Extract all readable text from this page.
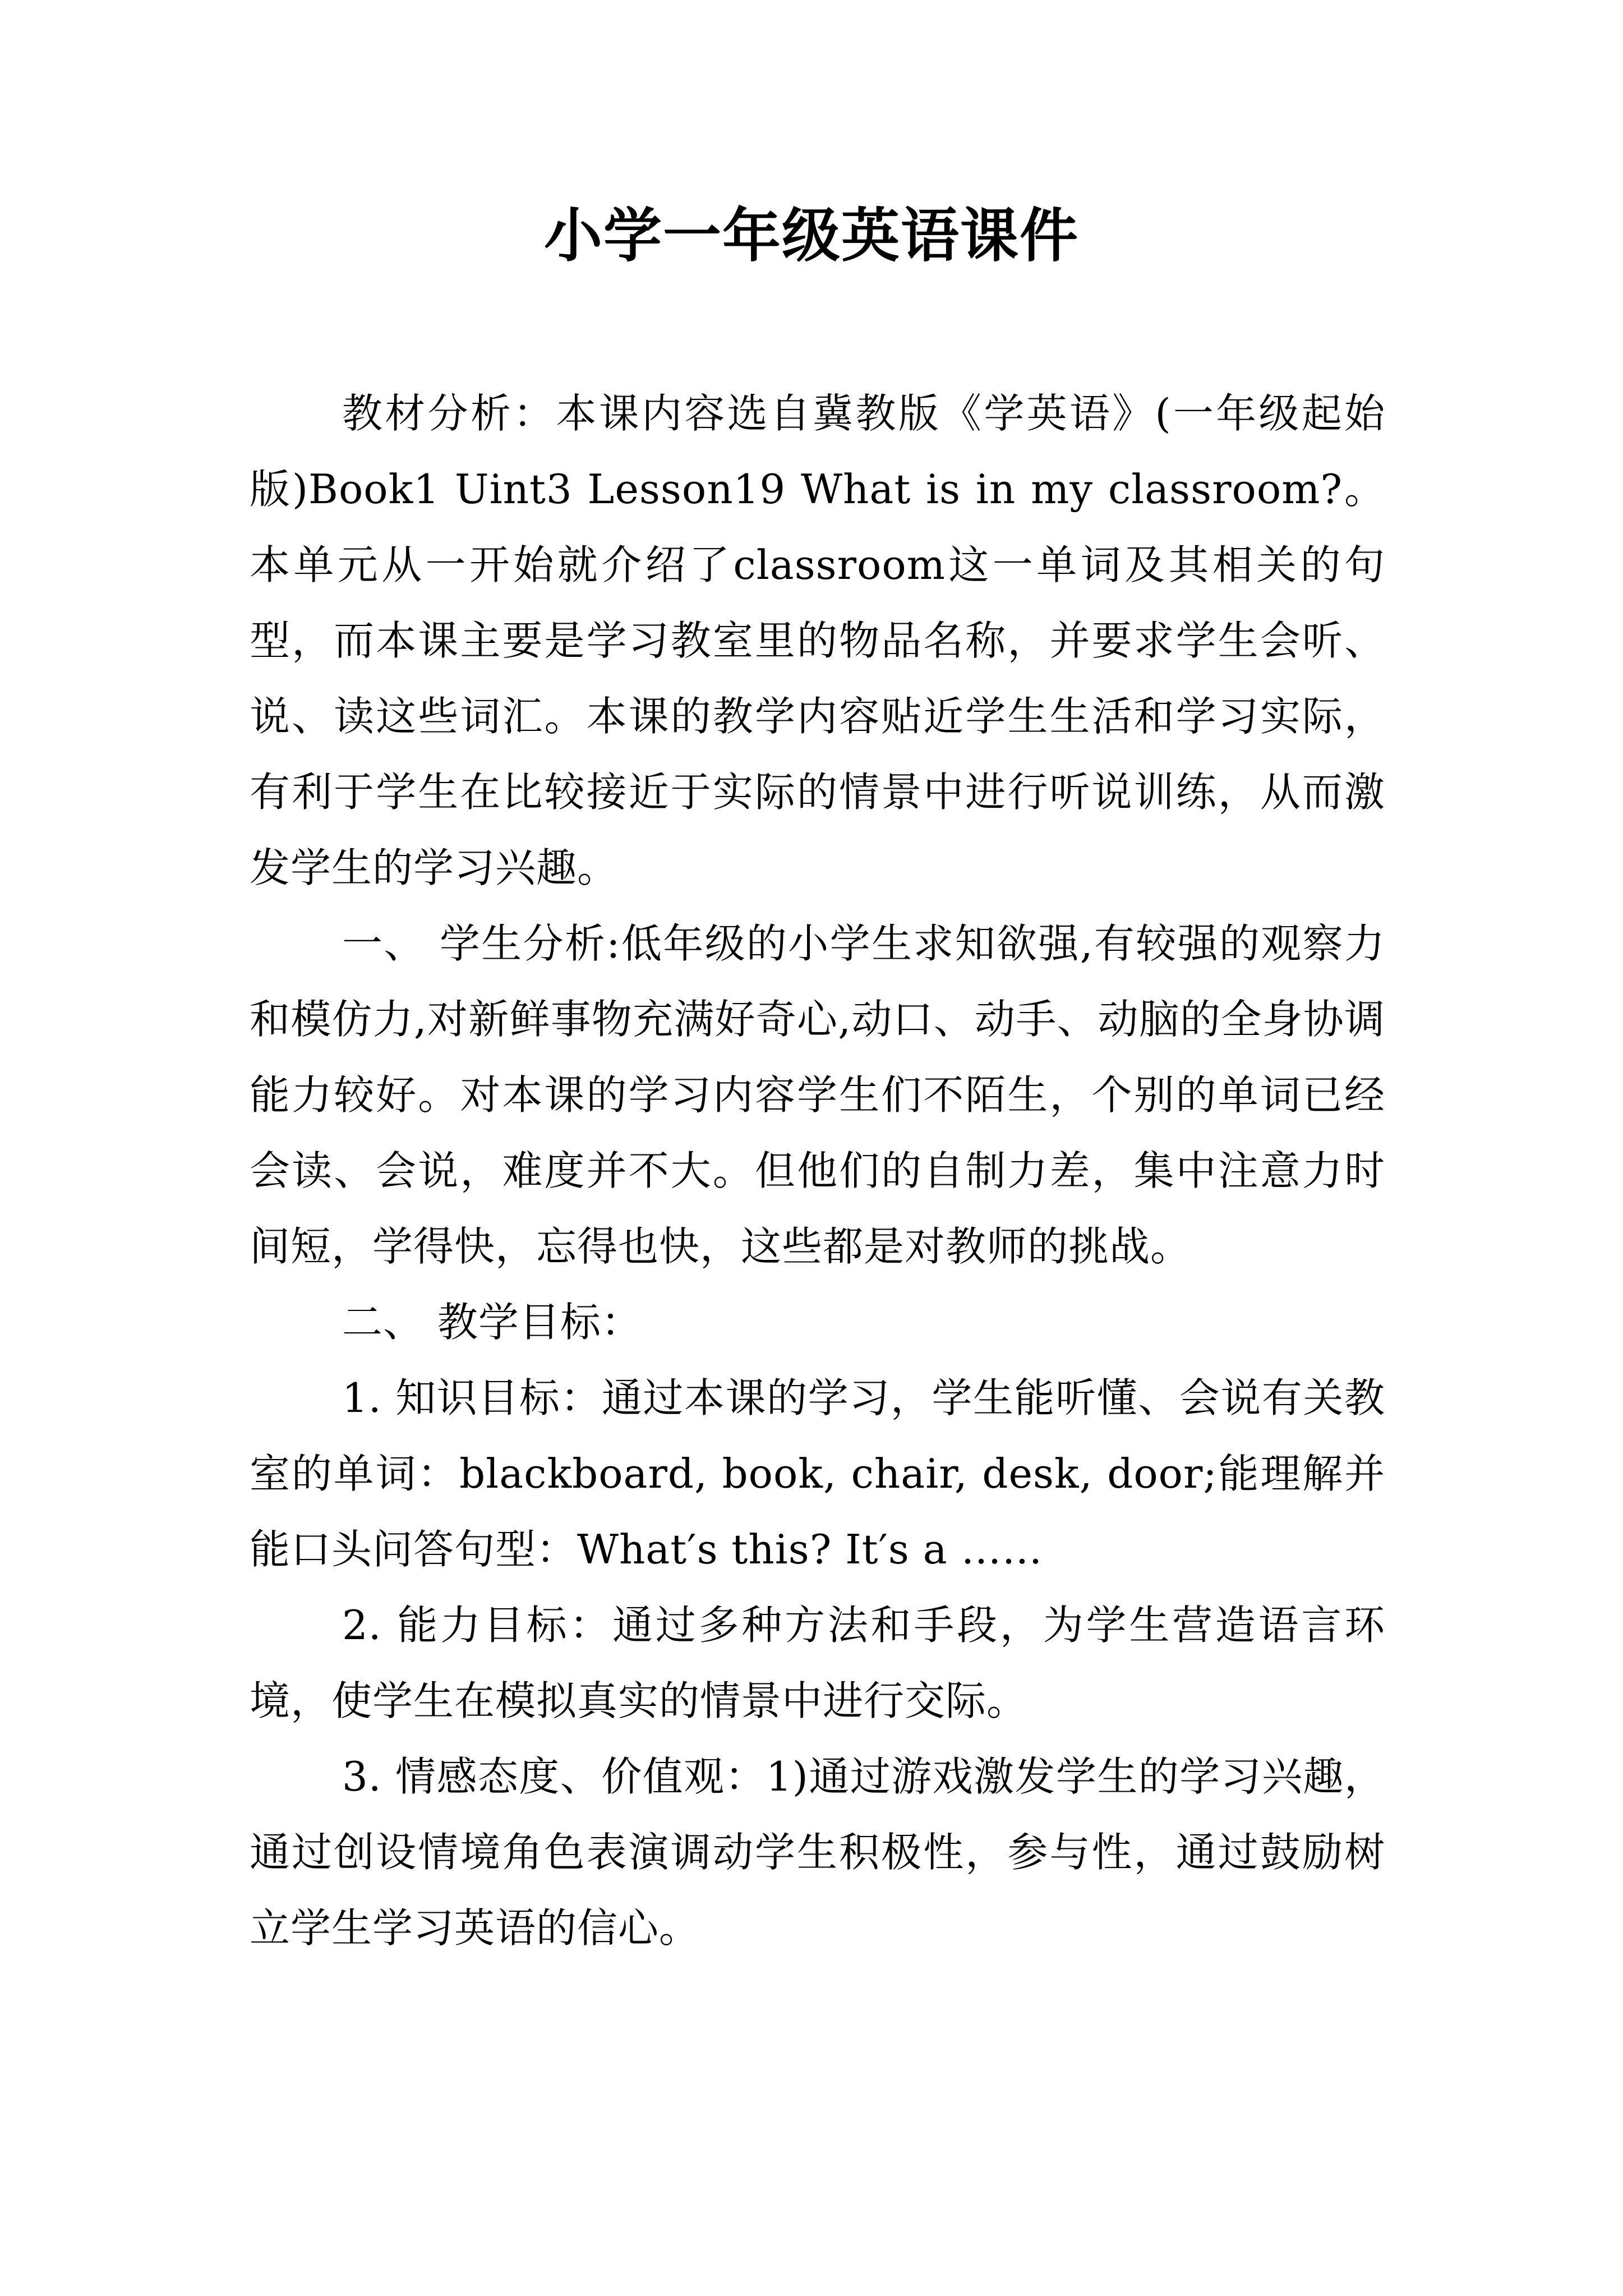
小学一年级英语课件

教材分析：本课内容选自冀教版《学英语》(一年级起始版)Book1 Uint3 Lesson19 What is in my classroom?。本单元从一开始就介绍了classroom这一单词及其相关的句型，而本课主要是学习教室里的物品名称，并要求学生会听、说、读这些词汇。本课的教学内容贴近学生生活和学习实际，有利于学生在比较接近于实际的情景中进行听说训练，从而激发学生的学习兴趣。

一、 学生分析:低年级的小学生求知欲强,有较强的观察力和模仿力,对新鲜事物充满好奇心,动口、动手、动脑的全身协调能力较好。对本课的学习内容学生们不陌生，个别的单词已经会读、会说，难度并不大。但他们的自制力差，集中注意力时间短，学得快，忘得也快，这些都是对教师的挑战。

二、 教学目标：

1. 知识目标：通过本课的学习，学生能听懂、会说有关教室的单词：blackboard, book, chair, desk, door;能理解并能口头问答句型：What′s this? It′s a ……

2. 能力目标：通过多种方法和手段，为学生营造语言环境，使学生在模拟真实的情景中进行交际。

3. 情感态度、价值观：1)通过游戏激发学生的学习兴趣，通过创设情境角色表演调动学生积极性，参与性，通过鼓励树立学生学习英语的信心。
